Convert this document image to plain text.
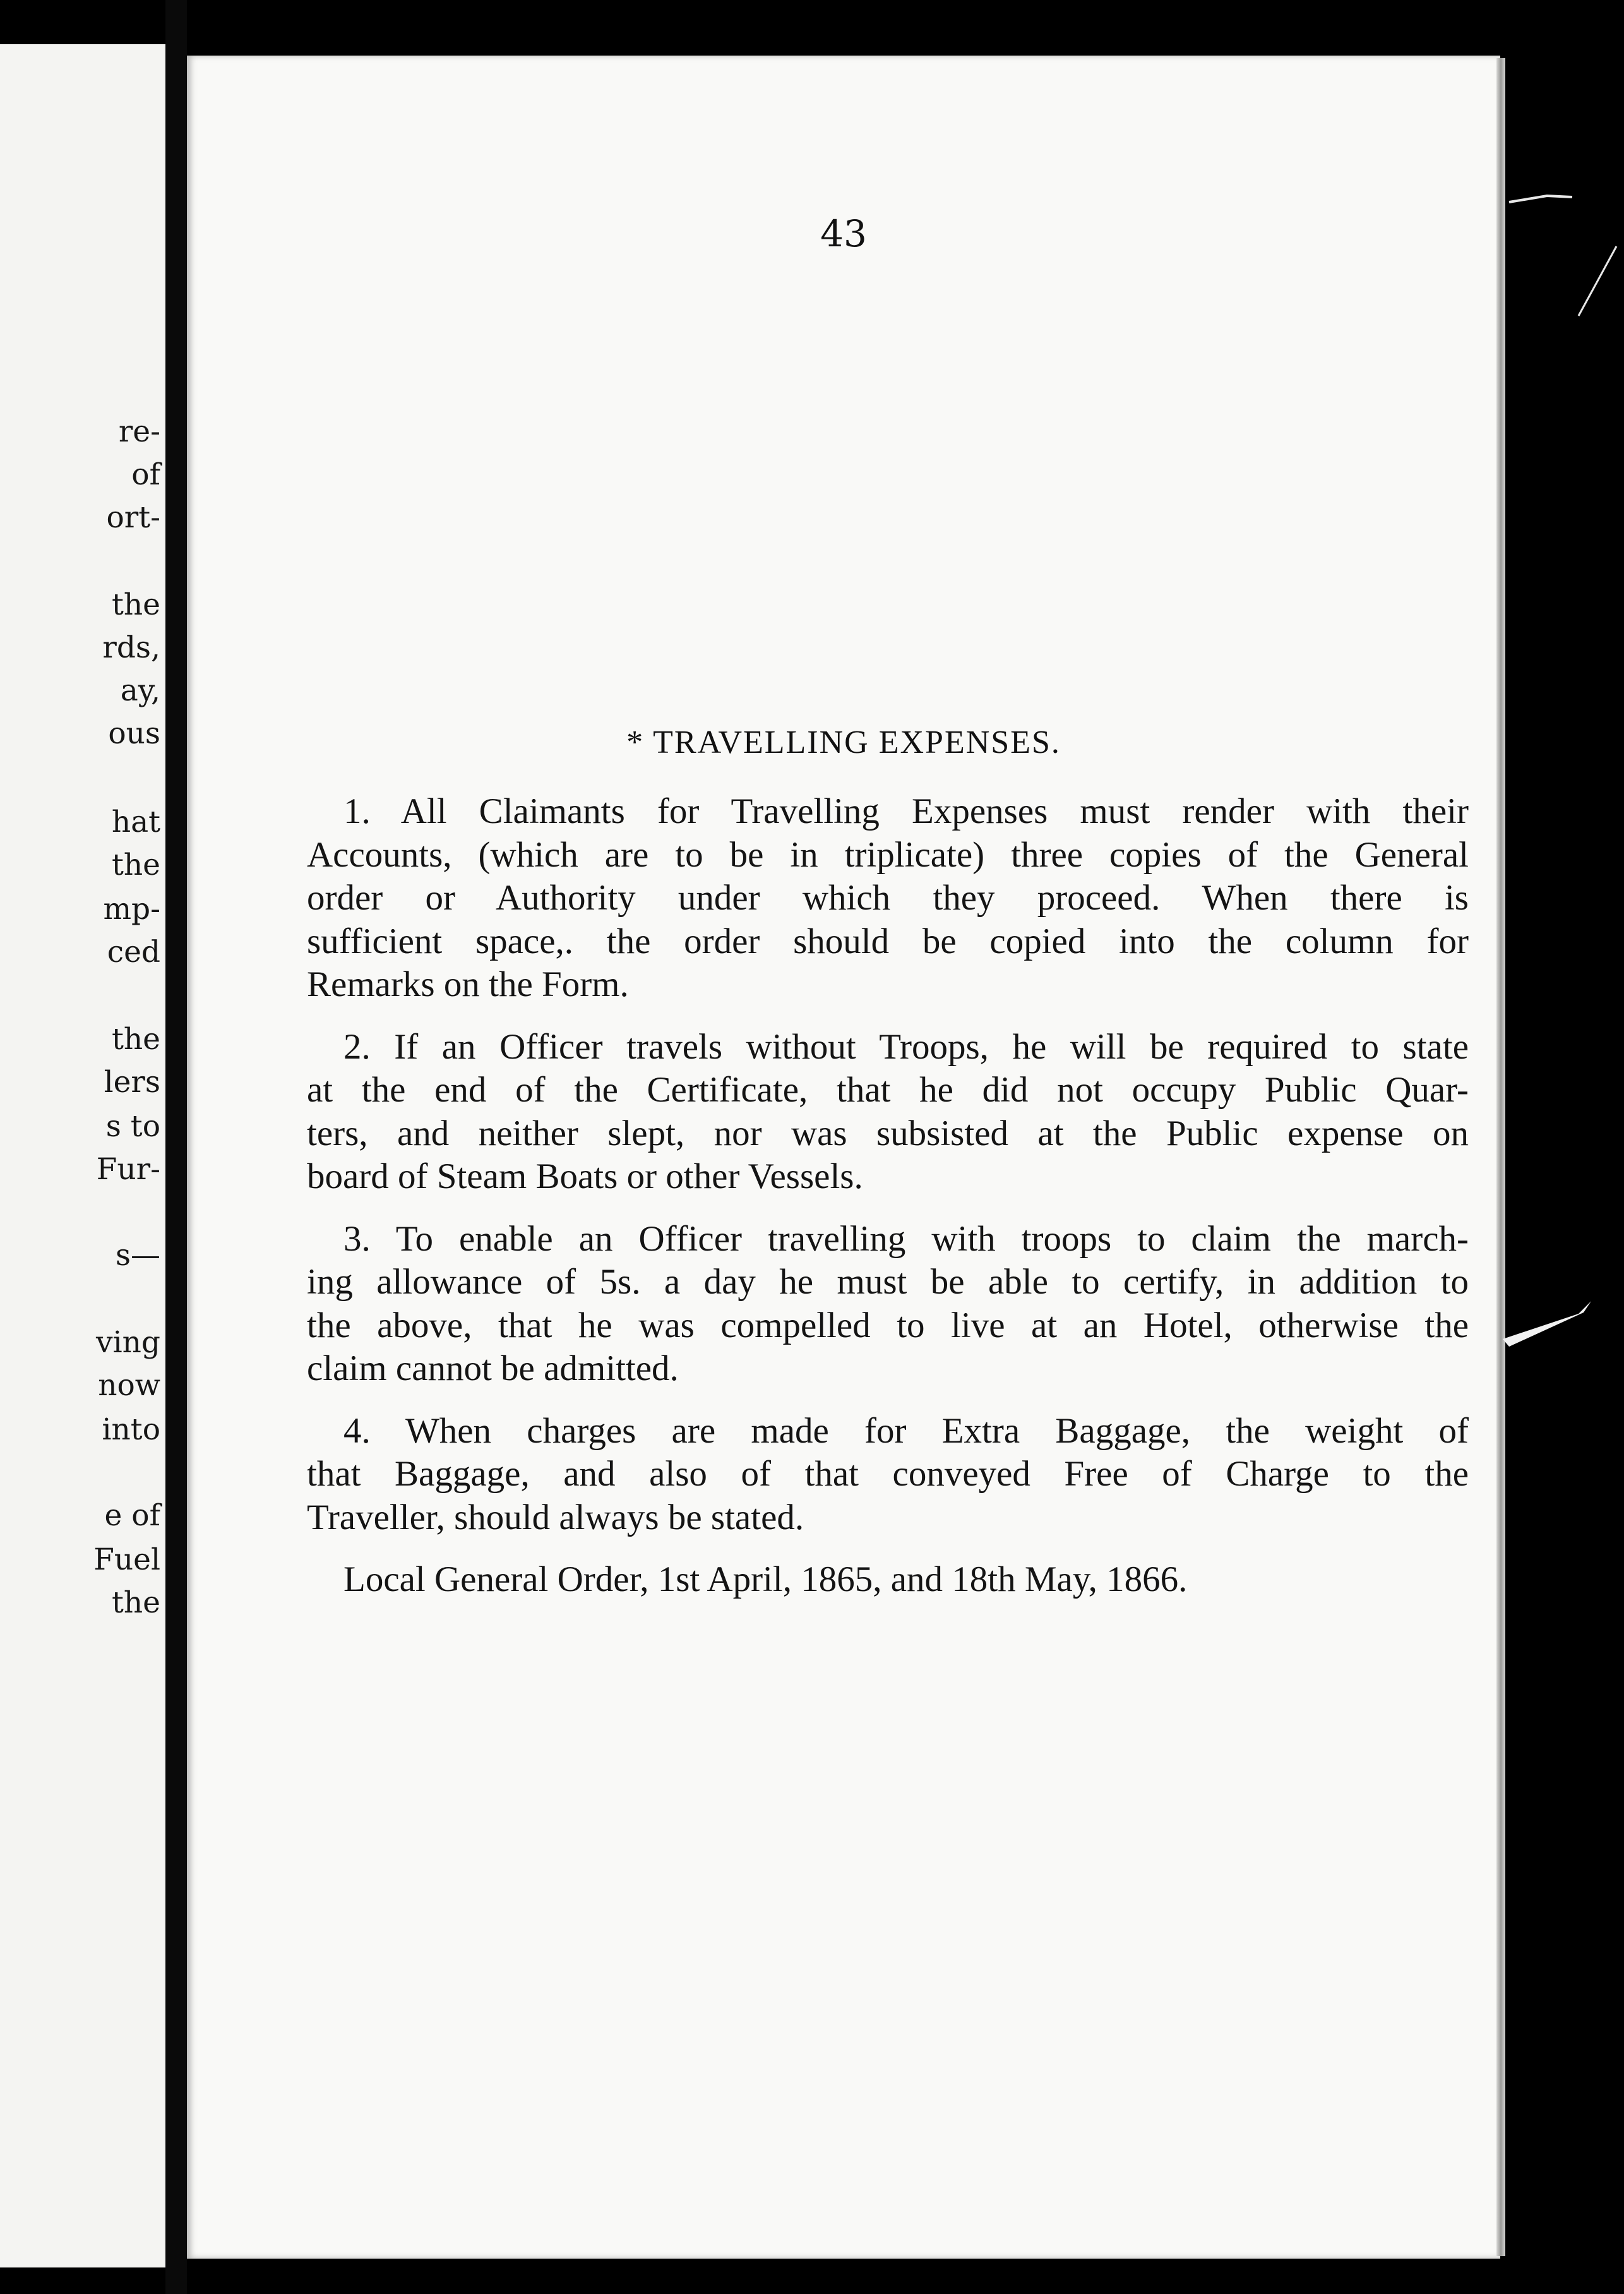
re-
of
ort-
the
rds,
ay,
ous
hat
the
mp-
ced
the
lers
s to
Fur-
s—
ving
now
into
e of
Fuel
the
43
* TRAVELLING EXPENSES.
1. All Claimants for Travelling Expenses must render with their
Accounts, (which are to be in triplicate) three copies of the General
order or Authority under which they proceed. When there is
sufficient space,. the order should be copied into the column for
Remarks on the Form.
2. If an Officer travels without Troops, he will be required to state
at the end of the Certificate, that he did not occupy Public Quar-
ters, and neither slept, nor was subsisted at the Public expense on
board of Steam Boats or other Vessels.
3. To enable an Officer travelling with troops to claim the march-
ing allowance of 5s. a day he must be able to certify, in addition to
the above, that he was compelled to live at an Hotel, otherwise the
claim cannot be admitted.
4. When charges are made for Extra Baggage, the weight of
that Baggage, and also of that conveyed Free of Charge to the
Traveller, should always be stated.
Local General Order, 1st April, 1865, and 18th May, 1866.
